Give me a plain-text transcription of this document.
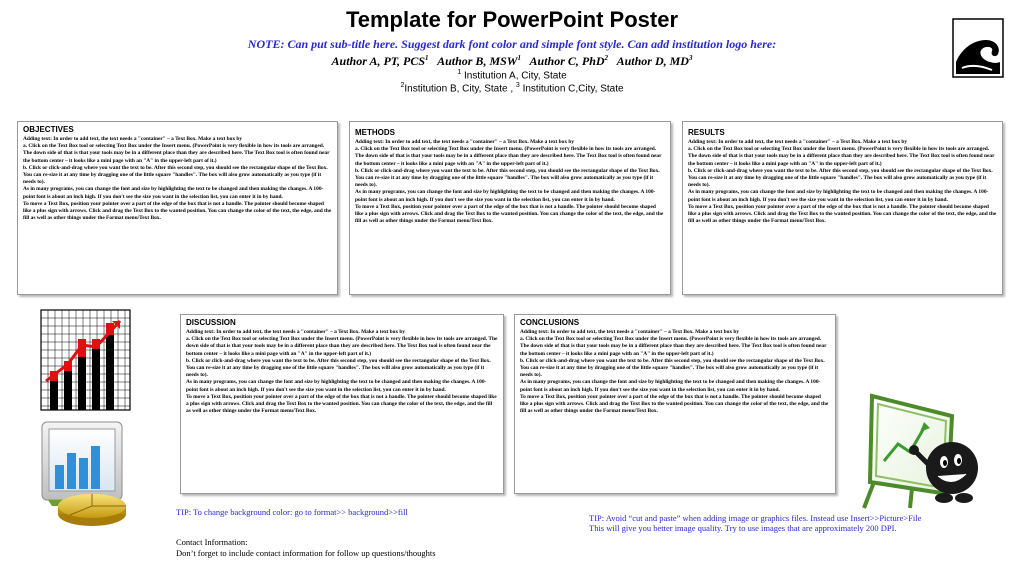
Template for PowerPoint Poster
NOTE: Can put sub-title here. Suggest dark font color and simple font style. Can add institution logo here:
Author A, PT, PCS$^1$ Author B, MSW$^1$ Author C, PhD$^2$ Author D, $MD^3$
$^1$ Institution A, City, State
$^2$Institution B, City, State , $^3$ Institution C,City, State
OBJECTIVES

Adding text: In order to add text, the text needs a "container" – a Text Box. Make a text box by
a. Click on the Text Box tool or selecting Text Box under the Insert menu. (PowerPoint is very flexible in how its tools are arranged. The down side of that is that your tools may be in a different place than they are described here. The Text Box tool is often found near the bottom center – it looks like a mini page with an "A" in the upper-left part of it.)
b. Click or click-and-drag where you want the text to be. After this second step, you should see the rectangular shape of the Text Box. You can re-size it at any time by dragging one of the little square "handles". The box will also grow automatically as you type (if it needs to).
As in many programs, you can change the font and size by highlighting the text to be changed and then making the changes. A 100-point font is about an inch high. If you don't see the size you want in the selection list, you can enter it in by hand.
To move a Text Box, position your pointer over a part of the edge of the box that is not a handle. The pointer should become shaped like a plus sign with arrows. Click and drag the Text Box to the wanted position. You can change the color of the text, the edge, and the fill as well as other things under the Format menu/Text Box.

METHODS

Adding text: In order to add text, the text needs a "container" – a Text Box. Make a text box by
a. Click on the Text Box tool or selecting Text Box under the Insert menu. (PowerPoint is very flexible in how its tools are arranged. The down side of that is that your tools may be in a different place than they are described here. The Text Box tool is often found near the bottom center – it looks like a mini page with an "A" in the upper-left part of it.)
b. Click or click-and-drag where you want the text to be. After this second step, you should see the rectangular shape of the Text Box. You can re-size it at any time by dragging one of the little square "handles". The box will also grow automatically as you type (if it needs to).
As in many programs, you can change the font and size by highlighting the text to be changed and then making the changes. A 100-point font is about an inch high. If you don't see the size you want in the selection list, you can enter it in by hand.
To move a Text Box, position your pointer over a part of the edge of the box that is not a handle. The pointer should become shaped like a plus sign with arrows. Click and drag the Text Box to the wanted position. You can change the color of the text, the edge, and the fill as well as other things under the Format menu/Text Box.

RESULTS

Adding text: In order to add text, the text needs a "container" – a Text Box. Make a text box by
a. Click on the Text Box tool or selecting Text Box under the Insert menu. (PowerPoint is very flexible in how its tools are arranged. The down side of that is that your tools may be in a different place than they are described here. The Text Box tool is often found near the bottom center – it looks like a mini page with an "A" in the upper-left part of it.)
b. Click or click-and-drag where you want the text to be. After this second step, you should see the rectangular shape of the Text Box. You can re-size it at any time by dragging one of the little square "handles". The box will also grow automatically as you type (if it needs to).
As in many programs, you can change the font and size by highlighting the text to be changed and then making the changes. A 100-point font is about an inch high. If you don't see the size you want in the selection list, you can enter it in by hand.
To move a Text Box, position your pointer over a part of the edge of the box that is not a handle. The pointer should become shaped like a plus sign with arrows. Click and drag the Text Box to the wanted position. You can change the color of the text, the edge, and the fill as well as other things under the Format menu/Text Box.

DISCUSSION

Adding text: In order to add text, the text needs a "container" – a Text Box. Make a text box by
a. Click on the Text Box tool or selecting Text Box under the Insert menu. (PowerPoint is very flexible in how its tools are arranged. The down side of that is that your tools may be in a different place than they are described here. The Text Box tool is often found near the bottom center – it looks like a mini page with an "A" in the upper-left part of it.)
b. Click or click-and-drag where you want the text to be. After this second step, you should see the rectangular shape of the Text Box. You can re-size it at any time by dragging one of the little square "handles". The box will also grow automatically as you type (if it needs to).
As in many programs, you can change the font and size by highlighting the text to be changed and then making the changes. A 100-point font is about an inch high. If you don't see the size you want in the selection list, you can enter it in by hand.
To move a Text Box, position your pointer over a part of the edge of the box that is not a handle. The pointer should become shaped like a plus sign with arrows. Click and drag the Text Box to the wanted position. You can change the color of the text, the edge, and the fill as well as other things under the Format menu/Text Box.

CONCLUSIONS

Adding text: In order to add text, the text needs a "container" – a Text Box. Make a text box by
a. Click on the Text Box tool or selecting Text Box under the Insert menu. (PowerPoint is very flexible in how its tools are arranged. The down side of that is that your tools may be in a different place than they are described here. The Text Box tool is often found near the bottom center – it looks like a mini page with an "A" in the upper-left part of it.)
b. Click or click-and-drag where you want the text to be. After this second step, you should see the rectangular shape of the Text Box. You can re-size it at any time by dragging one of the little square "handles". The box will also grow automatically as you type (if it needs to).
As in many programs, you can change the font and size by highlighting the text to be changed and then making the changes. A 100-point font is about an inch high. If you don't see the size you want in the selection list, you can enter it in by hand.
To move a Text Box, position your pointer over a part of the edge of the box that is not a handle. The pointer should become shaped like a plus sign with arrows. Click and drag the Text Box to the wanted position. You can change the color of the text, the edge, and the fill as well as other things under the Format menu/Text Box.

TIP: To change background color: go to format>> background>>fill
TIP: Avoid “cut and paste” when adding image or graphics files. Instead use Insert>>Picture>File
This will give you better image quality. Try to use images that are approximately 200 DPI.
Contact Information:
Don’t forget to include contact information for follow up questions/thoughts
